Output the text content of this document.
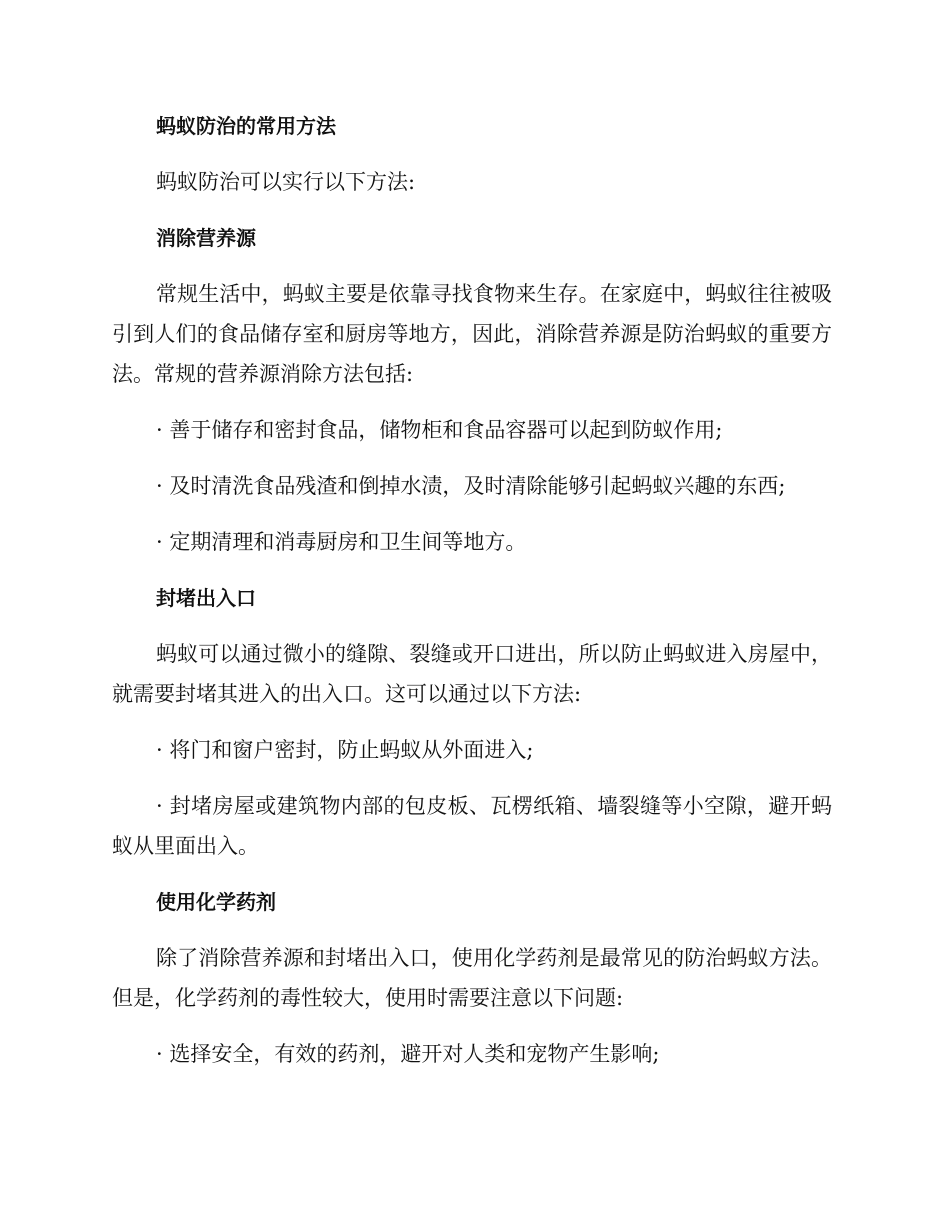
蚂蚁防治的常用方法
蚂蚁防治可以实行以下方法:
消除营养源
常规生活中，蚂蚁主要是依靠寻找食物来生存。在家庭中，蚂蚁往往被吸引到人们的食品储存室和厨房等地方，因此，消除营养源是防治蚂蚁的重要方法。常规的营养源消除方法包括:
· 善于储存和密封食品，储物柜和食品容器可以起到防蚁作用;
· 及时清洗食品残渣和倒掉水渍，及时清除能够引起蚂蚁兴趣的东西;
· 定期清理和消毒厨房和卫生间等地方。
封堵出入口
蚂蚁可以通过微小的缝隙、裂缝或开口进出，所以防止蚂蚁进入房屋中，就需要封堵其进入的出入口。这可以通过以下方法:
· 将门和窗户密封，防止蚂蚁从外面进入;
· 封堵房屋或建筑物内部的包皮板、瓦楞纸箱、墙裂缝等小空隙，避开蚂蚁从里面出入。
使用化学药剂
除了消除营养源和封堵出入口，使用化学药剂是最常见的防治蚂蚁方法。但是，化学药剂的毒性较大，使用时需要注意以下问题:
· 选择安全，有效的药剂，避开对人类和宠物产生影响;
